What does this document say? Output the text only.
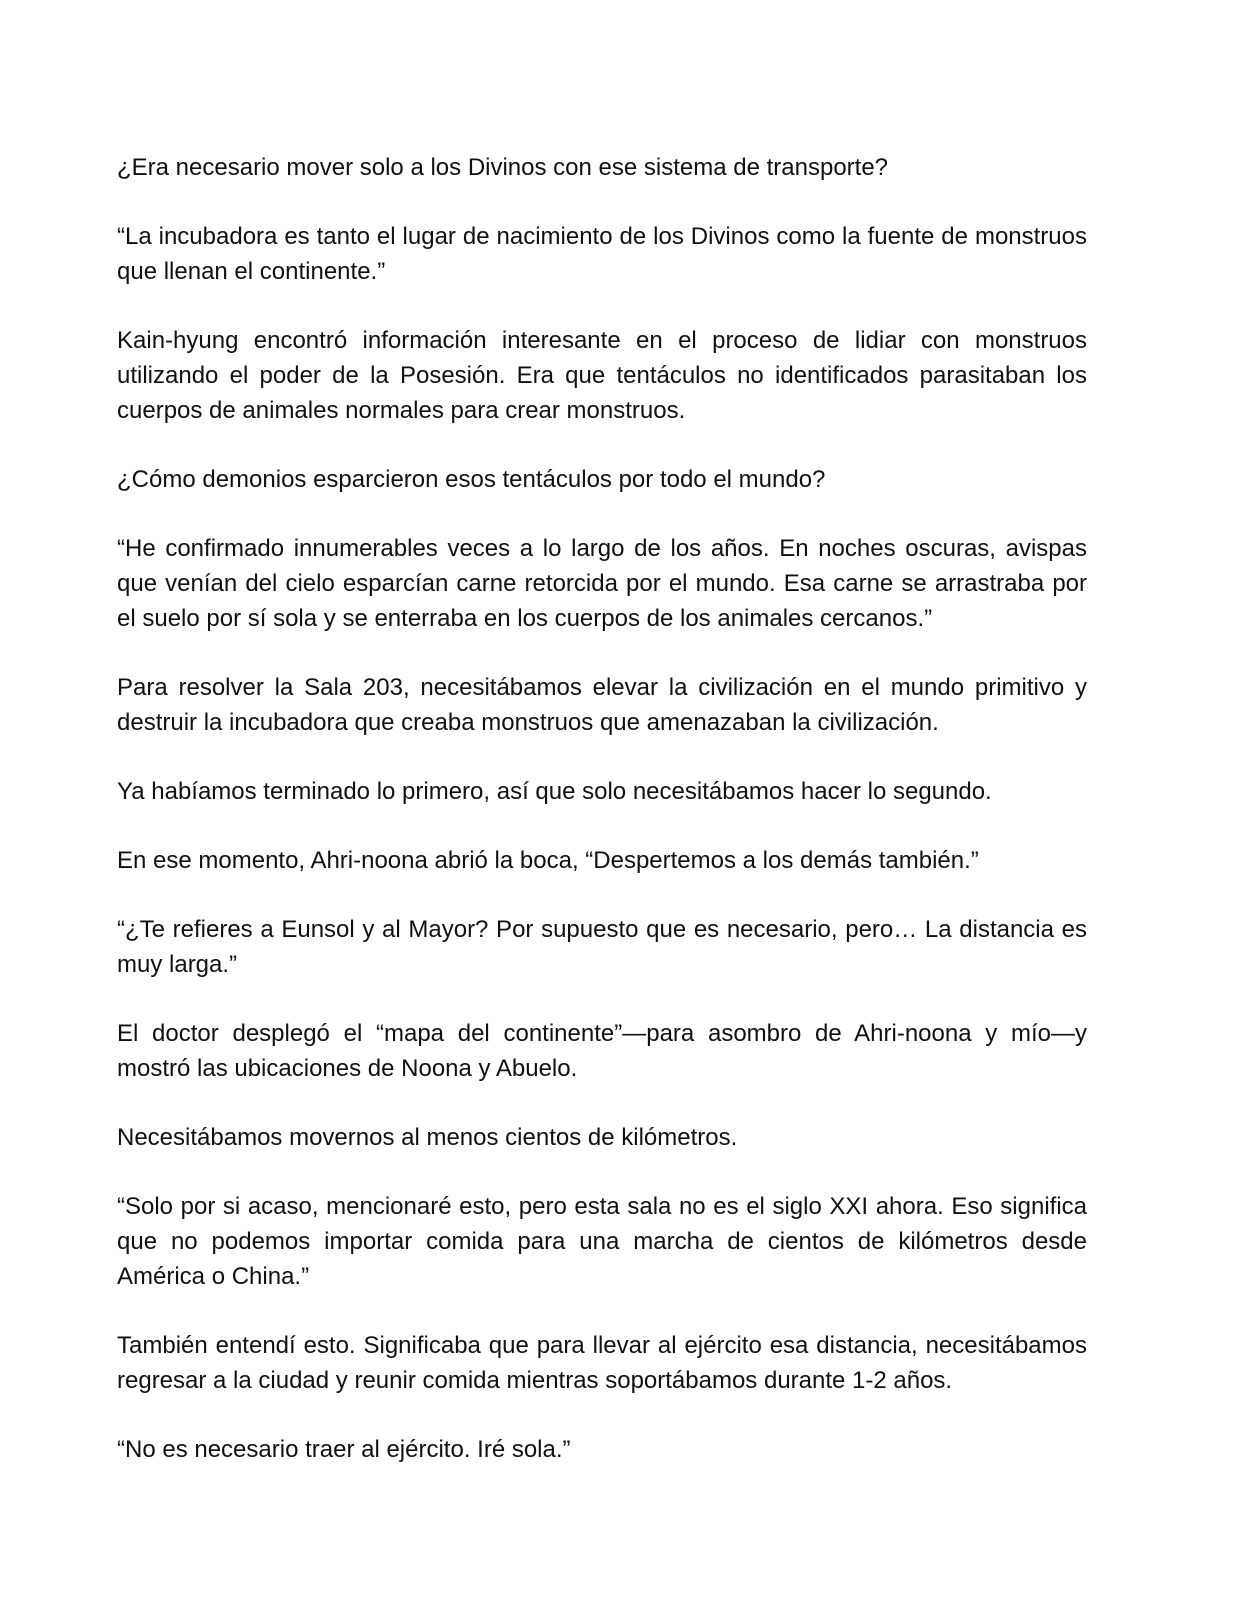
¿Era necesario mover solo a los Divinos con ese sistema de transporte?

“La incubadora es tanto el lugar de nacimiento de los Divinos como la fuente de monstruos que llenan el continente.”

Kain-hyung encontró información interesante en el proceso de lidiar con monstruos utilizando el poder de la Posesión. Era que tentáculos no identificados parasitaban los cuerpos de animales normales para crear monstruos.

¿Cómo demonios esparcieron esos tentáculos por todo el mundo?

“He confirmado innumerables veces a lo largo de los años. En noches oscuras, avispas que venían del cielo esparcían carne retorcida por el mundo. Esa carne se arrastraba por el suelo por sí sola y se enterraba en los cuerpos de los animales cercanos.”

Para resolver la Sala 203, necesitábamos elevar la civilización en el mundo primitivo y destruir la incubadora que creaba monstruos que amenazaban la civilización.

Ya habíamos terminado lo primero, así que solo necesitábamos hacer lo segundo.

En ese momento, Ahri-noona abrió la boca, “Despertemos a los demás también.”

“¿Te refieres a Eunsol y al Mayor? Por supuesto que es necesario, pero… La distancia es muy larga.”

El doctor desplegó el “mapa del continente”—para asombro de Ahri-noona y mío—y mostró las ubicaciones de Noona y Abuelo.

Necesitábamos movernos al menos cientos de kilómetros.

“Solo por si acaso, mencionaré esto, pero esta sala no es el siglo XXI ahora. Eso significa que no podemos importar comida para una marcha de cientos de kilómetros desde América o China.”

También entendí esto. Significaba que para llevar al ejército esa distancia, necesitábamos regresar a la ciudad y reunir comida mientras soportábamos durante 1-2 años.

“No es necesario traer al ejército. Iré sola.”
